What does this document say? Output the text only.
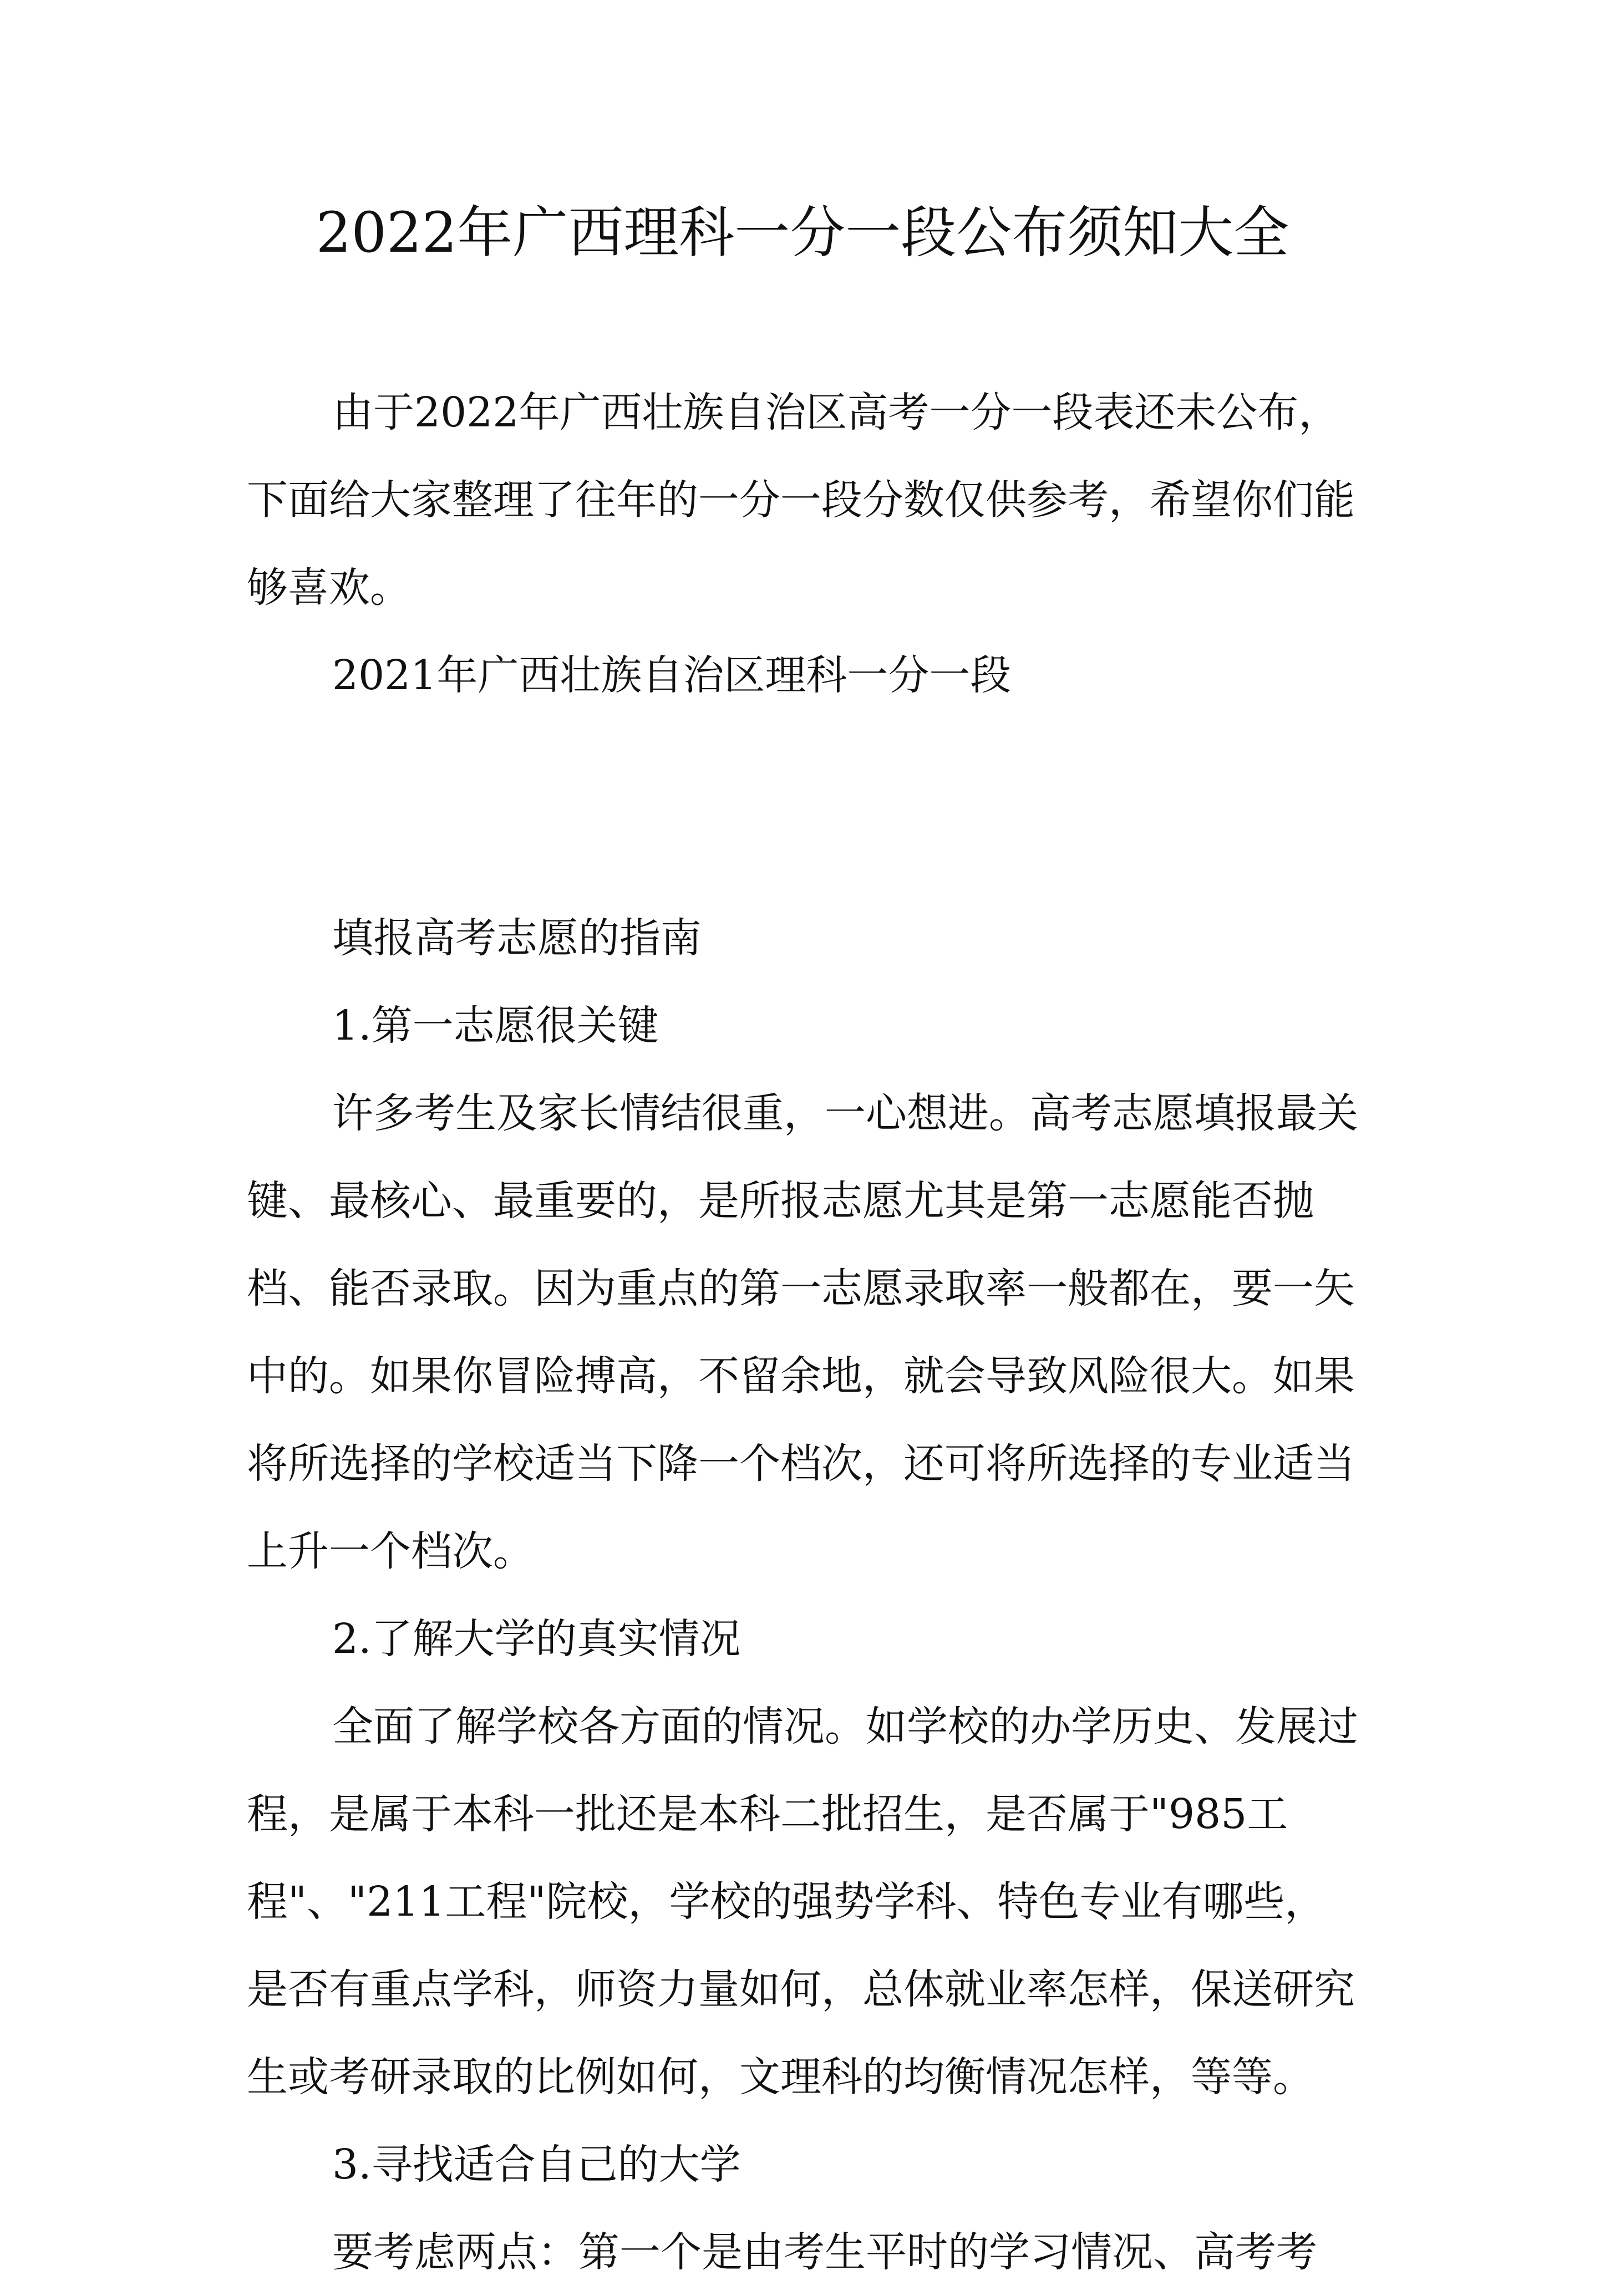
2022年广西理科一分一段公布须知大全

由于2022年广西壮族自治区高考一分一段表还未公布，下面给大家整理了往年的一分一段分数仅供参考，希望你们能够喜欢。

2021年广西壮族自治区理科一分一段

填报高考志愿的指南

1.第一志愿很关键

许多考生及家长情结很重，一心想进。高考志愿填报最关键、最核心、最重要的，是所报志愿尤其是第一志愿能否抛档、能否录取。因为重点的第一志愿录取率一般都在，要一矢中的。如果你冒险搏高，不留余地，就会导致风险很大。如果将所选择的学校适当下降一个档次，还可将所选择的专业适当上升一个档次。

2.了解大学的真实情况

全面了解学校各方面的情况。如学校的办学历史、发展过程，是属于本科一批还是本科二批招生，是否属于"985工程"、"211工程"院校，学校的强势学科、特色专业有哪些，是否有重点学科，师资力量如何，总体就业率怎样，保送研究生或考研录取的比例如何，文理科的均衡情况怎样，等等。

3.寻找适合自己的大学

要考虑两点：第一个是由考生平时的学习情况、高考考
